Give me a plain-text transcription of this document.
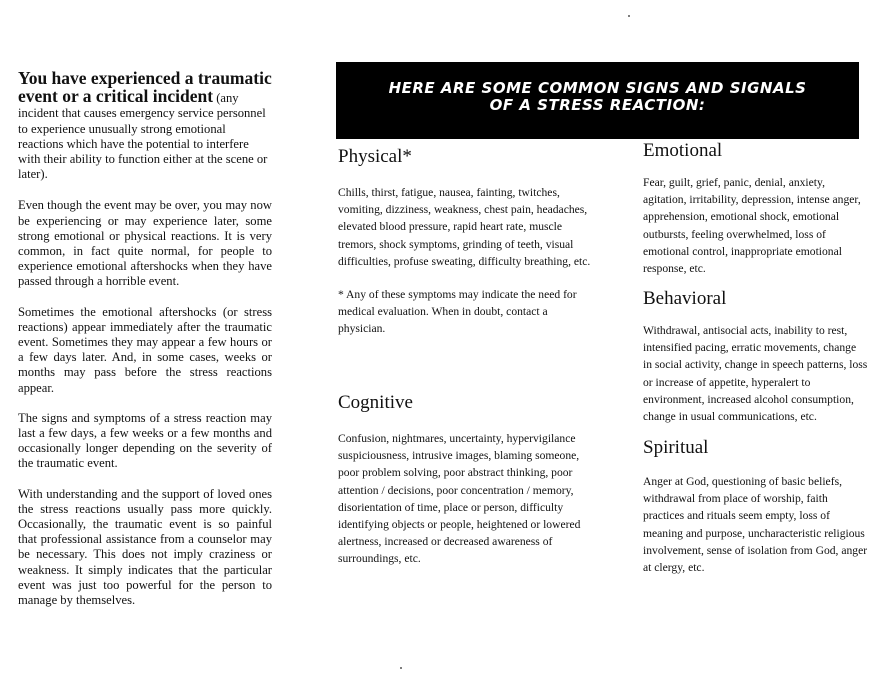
You have experienced a traumatic event or a critical incident (any incident that causes emergency service personnel to experience unusually strong emotional reactions which have the potential to interfere with their ability to function either at the scene or later).

Even though the event may be over, you may now be experiencing or may experience later, some strong emotional or physical reactions. It is very common, in fact quite normal, for people to experience emotional aftershocks when they have passed through a horrible event.

Sometimes the emotional aftershocks (or stress reactions) appear immediately after the traumatic event. Sometimes they may appear a few hours or a few days later. And, in some cases, weeks or months may pass before the stress reactions appear.

The signs and symptoms of a stress reaction may last a few days, a few weeks or a few months and occasionally longer depending on the severity of the traumatic event.

With understanding and the support of loved ones the stress reactions usually pass more quickly. Occasionally, the traumatic event is so painful that professional assistance from a counselor may be necessary. This does not imply craziness or weakness. It simply indicates that the particular event was just too powerful for the person to manage by themselves.

HERE ARE SOME COMMON SIGNS AND SIGNALS
OF A STRESS REACTION:
Physical*

Chills, thirst, fatigue, nausea, fainting, twitches, vomiting, dizziness, weakness, chest pain, headaches, elevated blood pressure, rapid heart rate, muscle tremors, shock symptoms, grinding of teeth, visual difficulties, profuse sweating, difficulty breathing, etc.

* Any of these symptoms may indicate the need for medical evaluation. When in doubt, contact a physician.

Cognitive

Confusion, nightmares, uncertainty, hypervigilance suspiciousness, intrusive images, blaming someone, poor problem solving, poor abstract thinking, poor attention / decisions, poor concentration / memory, disorientation of time, place or person, difficulty identifying objects or people, heightened or lowered alertness, increased or decreased awareness of surroundings, etc.

Emotional

Fear, guilt, grief, panic, denial, anxiety, agitation, irritability, depression, intense anger, apprehension, emotional shock, emotional outbursts, feeling overwhelmed, loss of emotional control, inappropriate emotional response, etc.

Behavioral

Withdrawal, antisocial acts, inability to rest, intensified pacing, erratic movements, change in social activity, change in speech patterns, loss or increase of appetite, hyperalert to environment, increased alcohol consumption, change in usual communications, etc.

Spiritual

Anger at God, questioning of basic beliefs, withdrawal from place of worship, faith practices and rituals seem empty, loss of meaning and purpose, uncharacteristic religious involvement, sense of isolation from God, anger at clergy, etc.
